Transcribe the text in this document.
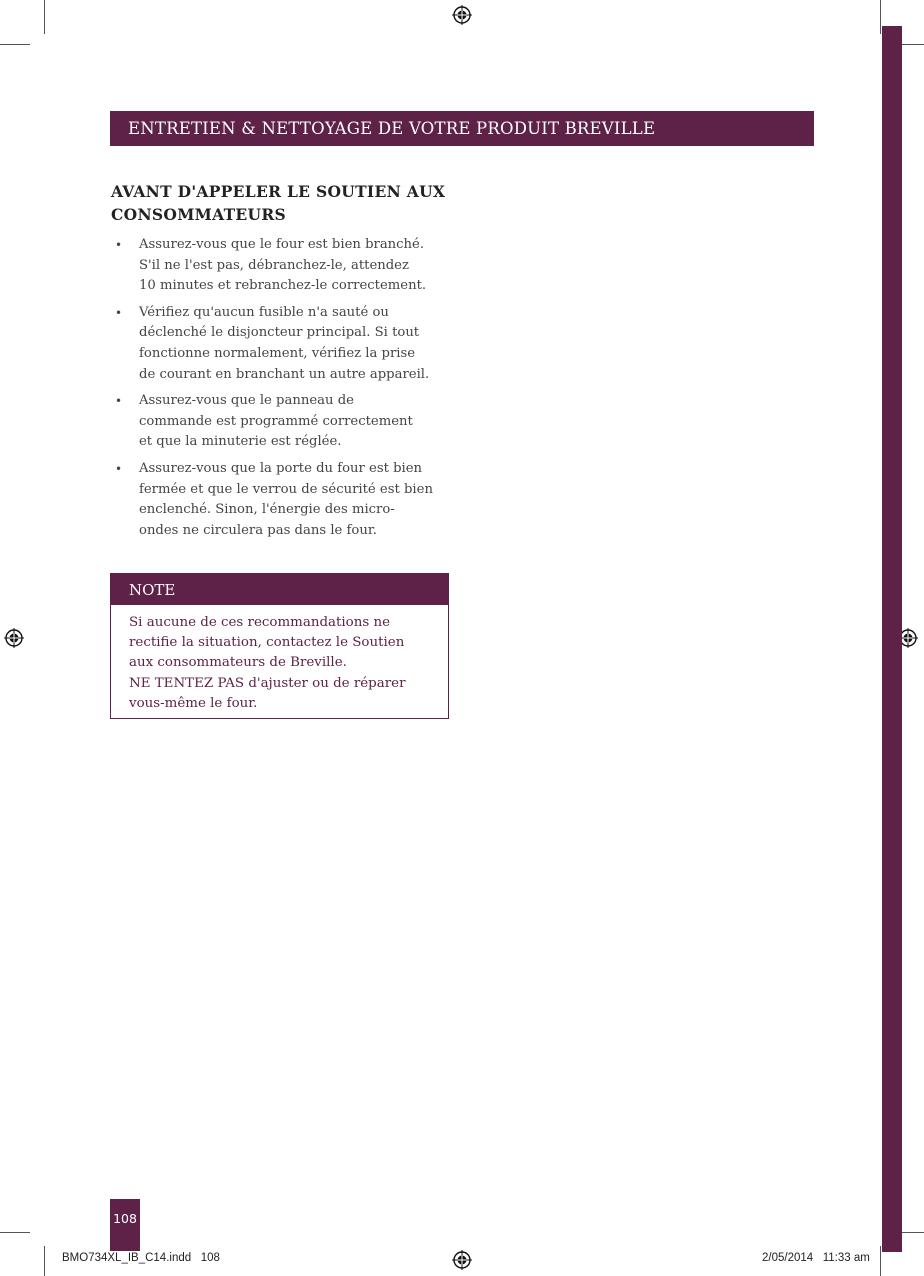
ENTRETIEN & NETTOYAGE DE VOTRE PRODUIT BREVILLE
AVANT D'APPELER LE SOUTIEN AUX
CONSOMMATEURS
• Assurez-vous que le four est bien branché.
S'il ne l'est pas, débranchez-le, attendez
10 minutes et rebranchez-le correctement.
• Vérifiez qu'aucun fusible n'a sauté ou
déclenché le disjoncteur principal. Si tout
fonctionne normalement, vérifiez la prise
de courant en branchant un autre appareil.
• Assurez-vous que le panneau de
commande est programmé correctement
et que la minuterie est réglée.
• Assurez-vous que la porte du four est bien
fermée et que le verrou de sécurité est bien
enclenché. Sinon, l'énergie des micro-
ondes ne circulera pas dans le four.
NOTE

Si aucune de ces recommandations ne

rectifie la situation, contactez le Soutien

aux consommateurs de Breville.

NE TENTEZ PAS d'ajuster ou de réparer

vous-même le four.

108
BMO734XL_IB_C14.indd   108	2/05/2014   11:33 am
